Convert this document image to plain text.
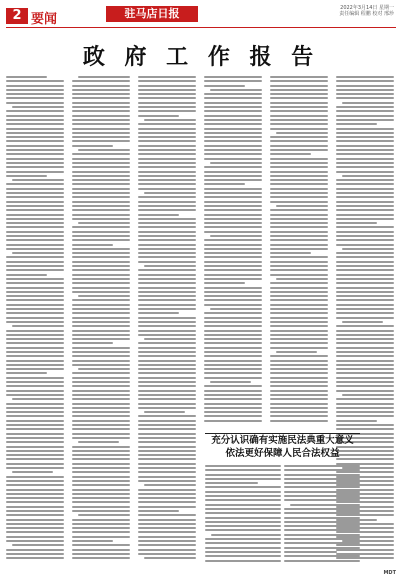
2 要闻	驻马店日报	2022年3月14日 星期一
责任编辑 程鹏 校对 邢珍
政 府 工 作 报 告
充分认识确有实施民法典重大意义
依法更好保障人民合法权益
MDT
